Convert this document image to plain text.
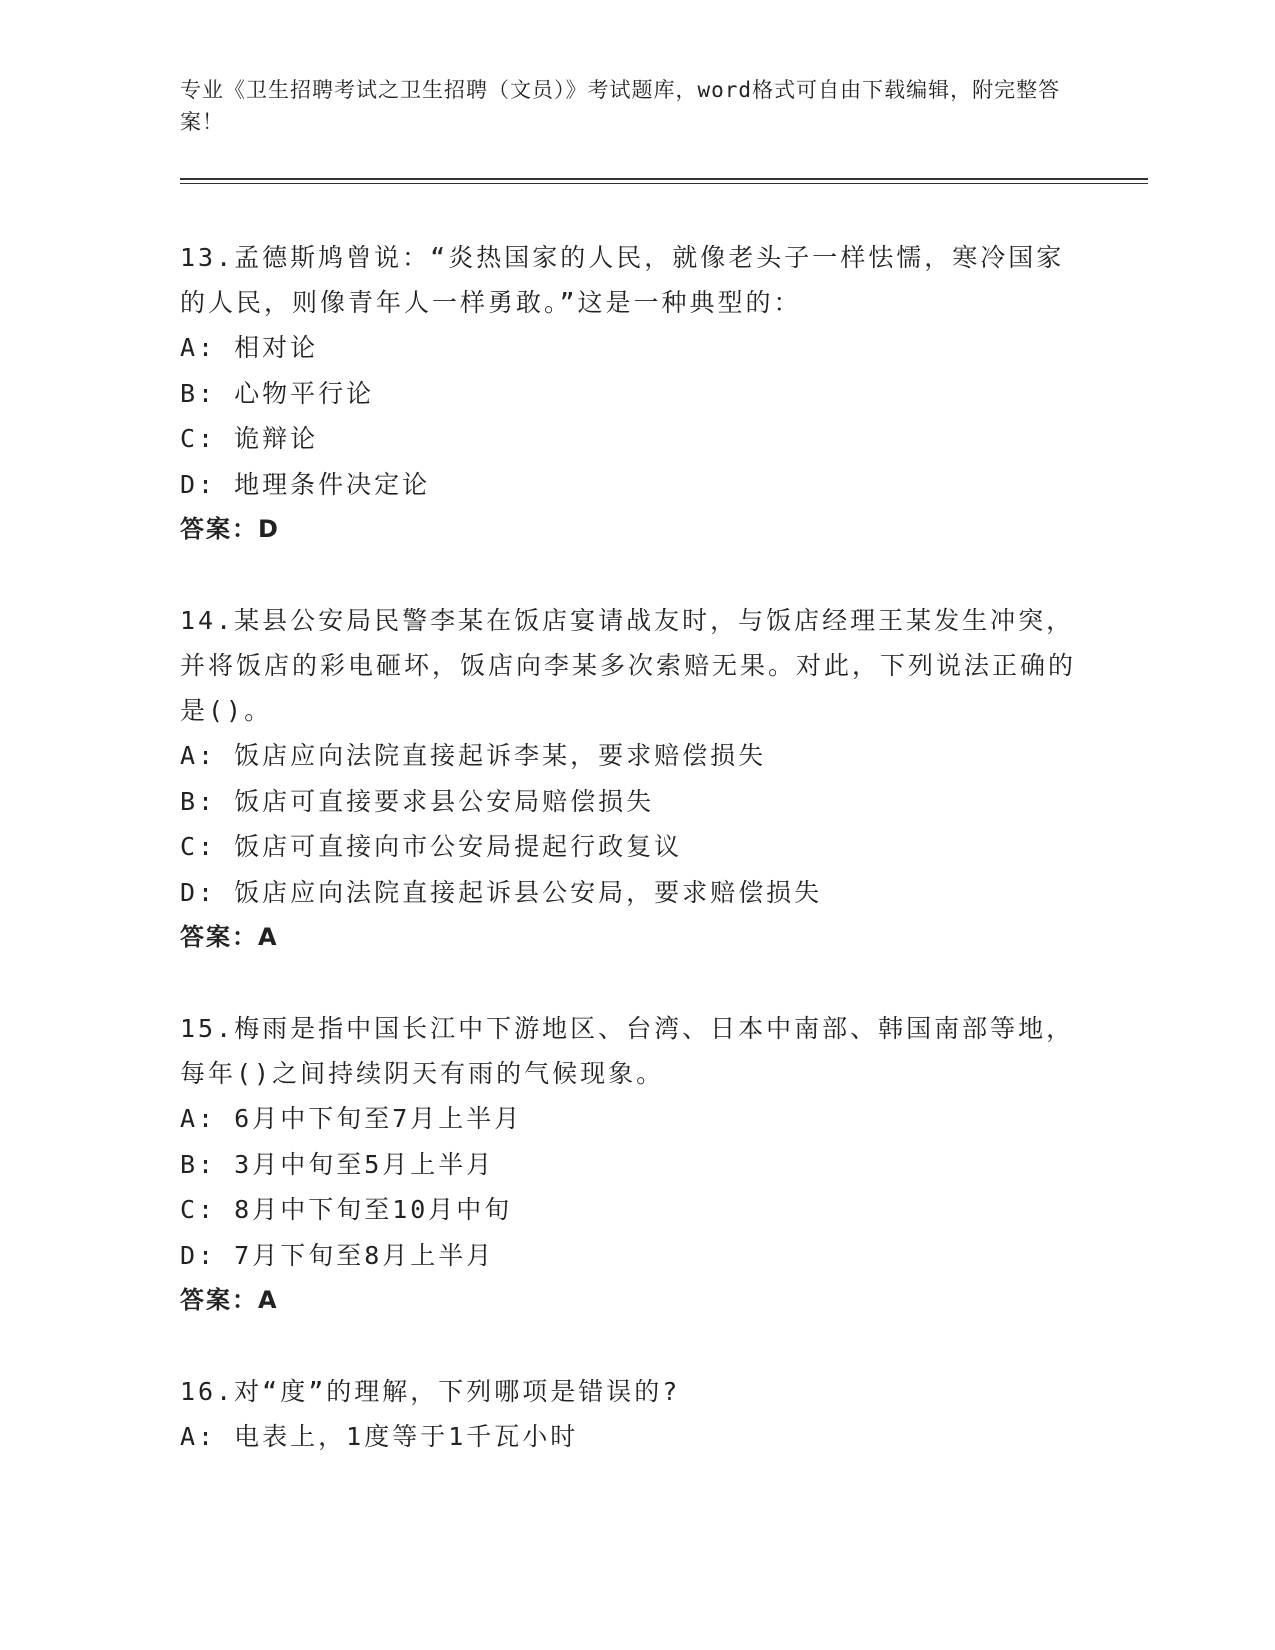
专业《卫生招聘考试之卫生招聘（文员）》考试题库，word格式可自由下载编辑，附完整答案！

13.孟德斯鸠曾说：“炎热国家的人民，就像老头子一样怯懦，寒冷国家的人民，则像青年人一样勇敢。”这是一种典型的：

A: 相对论

B: 心物平行论

C: 诡辩论

D: 地理条件决定论

答案：D

14.某县公安局民警李某在饭店宴请战友时，与饭店经理王某发生冲突，并将饭店的彩电砸坏，饭店向李某多次索赔无果。对此，下列说法正确的是()。

A: 饭店应向法院直接起诉李某，要求赔偿损失

B: 饭店可直接要求县公安局赔偿损失

C: 饭店可直接向市公安局提起行政复议

D: 饭店应向法院直接起诉县公安局，要求赔偿损失

答案：A

15.梅雨是指中国长江中下游地区、台湾、日本中南部、韩国南部等地，每年()之间持续阴天有雨的气候现象。

A: 6月中下旬至7月上半月

B: 3月中旬至5月上半月

C: 8月中下旬至10月中旬

D: 7月下旬至8月上半月

答案：A

16.对“度”的理解，下列哪项是错误的?

A: 电表上，1度等于1千瓦小时
